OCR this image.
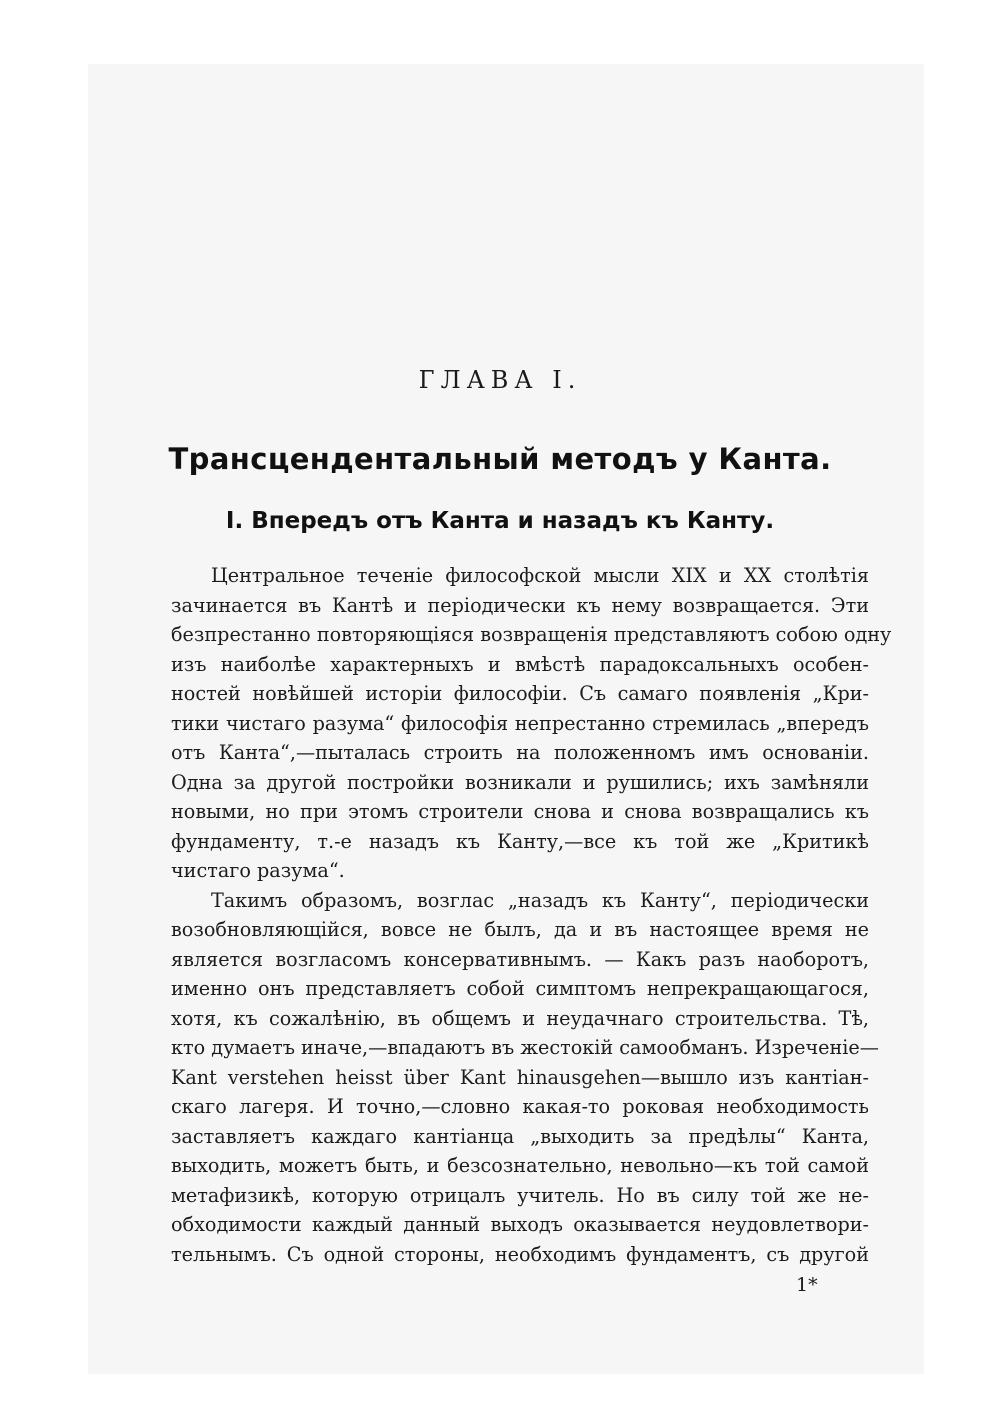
ГЛАВА I.
Трансцендентальный методъ у Канта.
I. Впередъ отъ Канта и назадъ къ Канту.
Центральное теченіе философской мысли XIX и XX столѣтія
зачинается въ Кантѣ и періодически къ нему возвращается. Эти
безпрестанно повторяющіяся возвращенія представляютъ собою одну
изъ наиболѣе характерныхъ и вмѣстѣ парадоксальныхъ особен-
ностей новѣйшей исторіи философіи. Съ самаго появленія „Кри-
тики чистаго разума“ философія непрестанно стремилась „впередъ
отъ Канта“,—пыталась строить на положенномъ имъ основаніи.
Одна за другой постройки возникали и рушились; ихъ замѣняли
новыми, но при этомъ строители снова и снова возвращались къ
фундаменту, т.-е назадъ къ Канту,—все къ той же „Критикѣ
чистаго разума“.
Такимъ образомъ, возглас „назадъ къ Канту“, періодически
возобновляющійся, вовсе не былъ, да и въ настоящее время не
является возгласомъ консервативнымъ. — Какъ разъ наоборотъ,
именно онъ представляетъ собой симптомъ непрекращающагося,
хотя, къ сожалѣнію, въ общемъ и неудачнаго строительства. Тѣ,
кто думаетъ иначе,—впадаютъ въ жестокій самообманъ. Изреченіе—
Kant verstehen heisst über Kant hinausgehen—вышло изъ кантіан-
скаго лагеря. И точно,—словно какая-то роковая необходимость
заставляетъ каждаго кантіанца „выходить за предѣлы“ Канта,
выходить, можетъ быть, и безсознательно, невольно—къ той самой
метафизикѣ, которую отрицалъ учитель. Но въ силу той же не-
обходимости каждый данный выходъ оказывается неудовлетвори-
тельнымъ. Съ одной стороны, необходимъ фундаментъ, съ другой
1*
